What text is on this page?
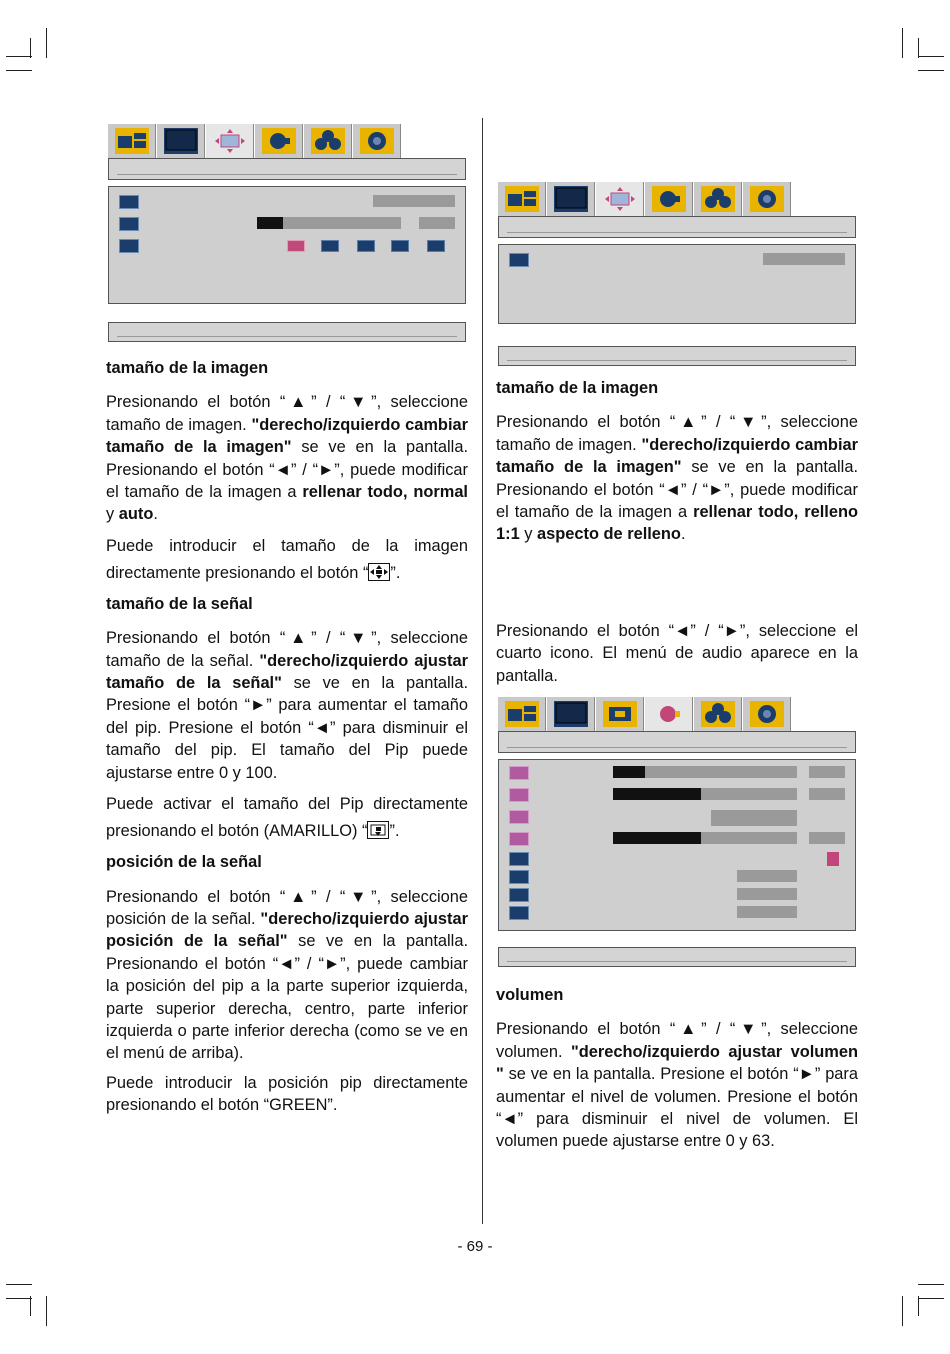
tamaño de la imagen

Presionando el botón “▲” / “▼”, seleccione tamaño de imagen. "derecho/izquierdo cambiar tamaño de la imagen" se ve en la pantalla. Presionando el botón “◄” / “►”, puede modificar el tamaño de la imagen a rellenar todo, normal y auto.

Puede introducir el tamaño de la imagen directamente presionando el botón “ ”.

tamaño de la señal

Presionando el botón “▲” / “▼”, seleccione tamaño de la señal. "derecho/izquierdo ajustar tamaño de la señal" se ve en la pantalla. Presione el botón “►” para aumentar el tamaño del pip. Presione el botón “◄” para disminuir el tamaño del pip. El tamaño del Pip puede ajustarse entre 0 y 100.

Puede activar el tamaño del Pip directamente presionando el botón (AMARILLO) “ ”.

posición de la señal

Presionando el botón “▲” / “▼”, seleccione posición de la señal. "derecho/izquierdo ajustar posición de la señal" se ve en la pantalla. Presionando el botón “◄” / “►”, puede cambiar la posición del pip a la parte superior izquierda, parte superior derecha, centro, parte inferior izquierda o parte inferior derecha (como se ve en el menú de arriba).

Puede introducir la posición pip directamente presionando el botón “GREEN”.

tamaño de la imagen

Presionando el botón “▲” / “▼”, seleccione tamaño de imagen. "derecho/izquierdo cambiar tamaño de la imagen" se ve en la pantalla. Presionando el botón “◄” / “►”, puede modificar el tamaño de la imagen a rellenar todo, relleno 1:1 y aspecto de relleno.

Presionando el botón “◄” / “►”, seleccione el cuarto icono. El menú de audio aparece en la pantalla.

volumen

Presionando el botón “▲” / “▼”, seleccione volumen. "derecho/izquierdo ajustar volumen " se ve en la pantalla. Presione el botón “►” para aumentar el nivel de volumen. Presione el botón “◄” para disminuir el nivel de volumen. El volumen puede ajustarse entre 0 y 63.

- 69 -
